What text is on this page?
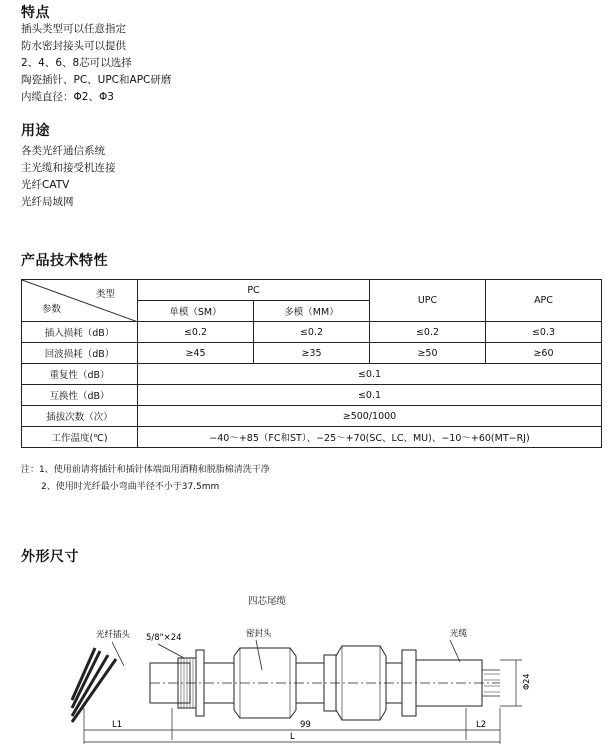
特点
插头类型可以任意指定
防水密封接头可以提供
2、4、6、8芯可以选择
陶瓷插针、PC、UPC和APC研磨
内缆直径：Φ2、Φ3
用途
各类光纤通信系统
主光缆和接受机连接
光纤CATV
光纤局域网
产品技术特性
类型
参数	PC		UPC	APC
	单模（SM）	多模（MM）		
插入损耗（dB）	≤0.2	≤0.2	≤0.2	≤0.3
回波损耗（dB）	≥45	≥35	≥50	≥60
重复性（dB）	≤0.1			
互换性（dB）	≤0.1			
插拔次数（次）	≥500/1000			
工作温度(℃)	−40～+85（FC和ST）、−25～+70(SC、LC、MU)、−10～+60(MT−RJ)			
注：1、使用前请将插针和插针体端面用酒精和脱脂棉清洗干净
2、使用时光纤最小弯曲半径不小于37.5mm
外形尺寸
四芯尾缆
光纤插头 5/8"×24	密封头	光缆
Φ24
L1	99	L2
L
